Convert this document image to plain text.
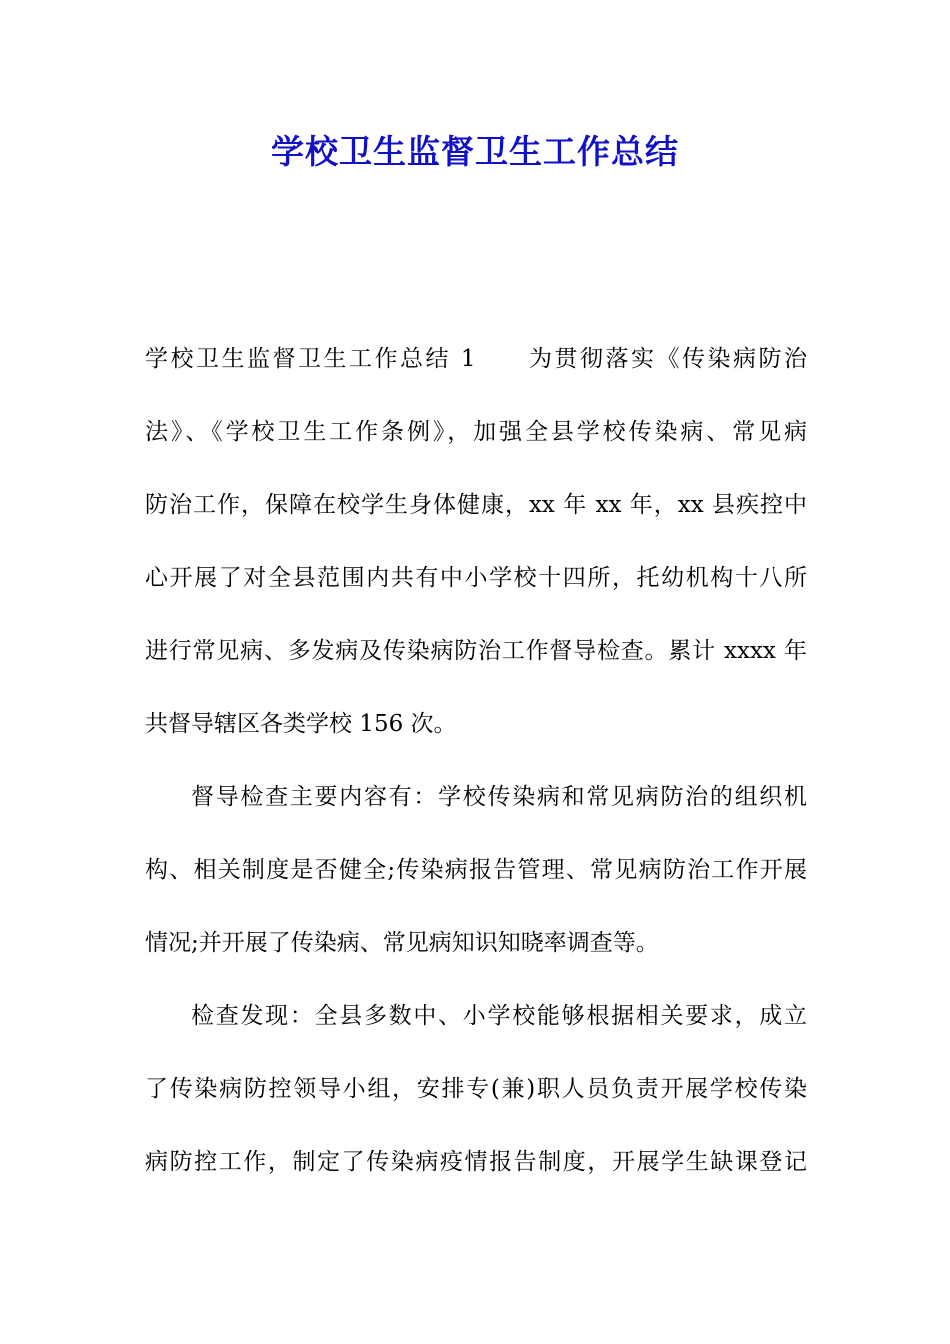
学校卫生监督卫生工作总结
学校卫生监督卫生工作总结 1　　为贯彻落实《传染病防治
法》、《学校卫生工作条例》，加强全县学校传染病、常见病
防治工作，保障在校学生身体健康，xx 年 xx 年，xx 县疾控中
心开展了对全县范围内共有中小学校十四所，托幼机构十八所
进行常见病、多发病及传染病防治工作督导检查。累计 xxxx 年
共督导辖区各类学校 156 次。
督导检查主要内容有：学校传染病和常见病防治的组织机
构、相关制度是否健全;传染病报告管理、常见病防治工作开展
情况;并开展了传染病、常见病知识知晓率调查等。
检查发现：全县多数中、小学校能够根据相关要求，成立
了传染病防控领导小组，安排专(兼)职人员负责开展学校传染
病防控工作，制定了传染病疫情报告制度，开展学生缺课登记
